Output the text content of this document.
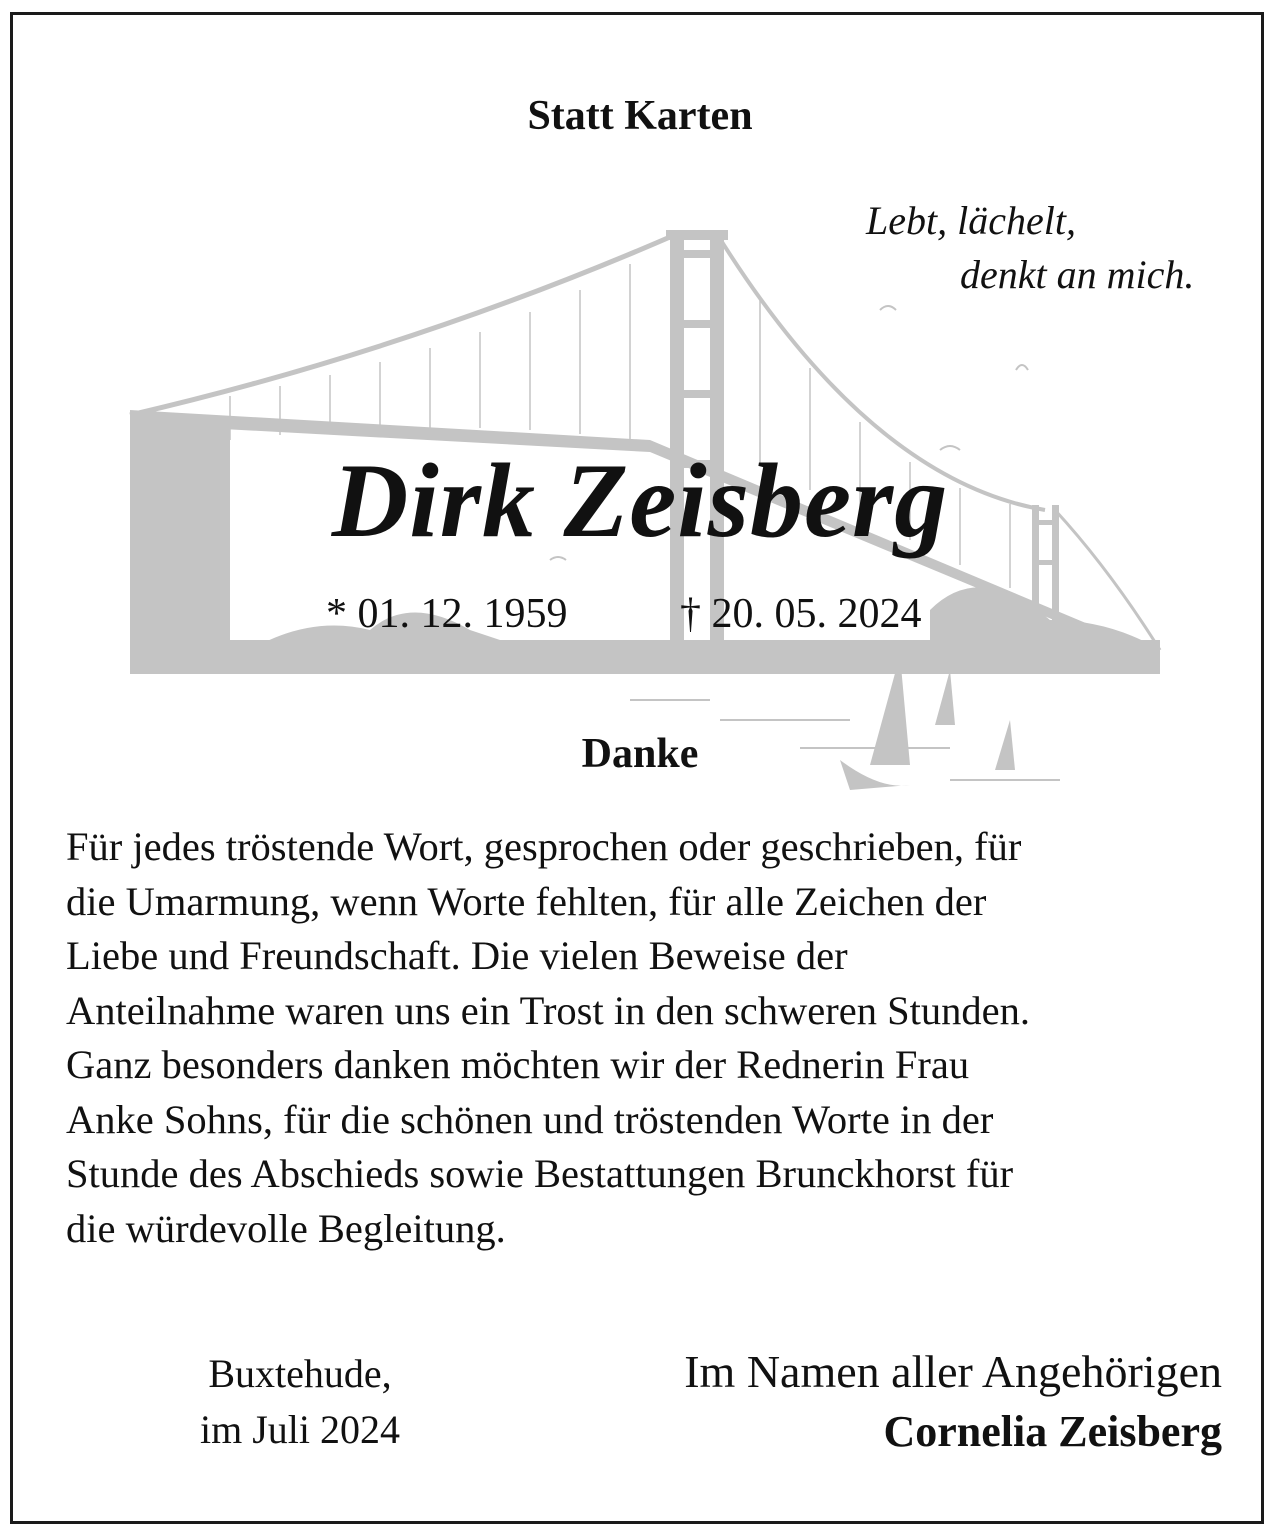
Statt Karten
Lebt, lächelt,
denkt an mich.
Dirk Zeisberg
* 01. 12. 1959	† 20. 05. 2024
Danke

Für jedes tröstende Wort, gesprochen oder geschrieben, für
die Umarmung, wenn Worte fehlten, für alle Zeichen der
Liebe und Freundschaft. Die vielen Beweise der
Anteilnahme waren uns ein Trost in den schweren Stunden.
Ganz besonders danken möchten wir der Rednerin Frau
Anke Sohns, für die schönen und tröstenden Worte in der
Stunde des Abschieds sowie Bestattungen Brunckhorst für
die würdevolle Begleitung.

Buxtehude,
im Juli 2024
Im Namen aller Angehörigen
Cornelia Zeisberg
